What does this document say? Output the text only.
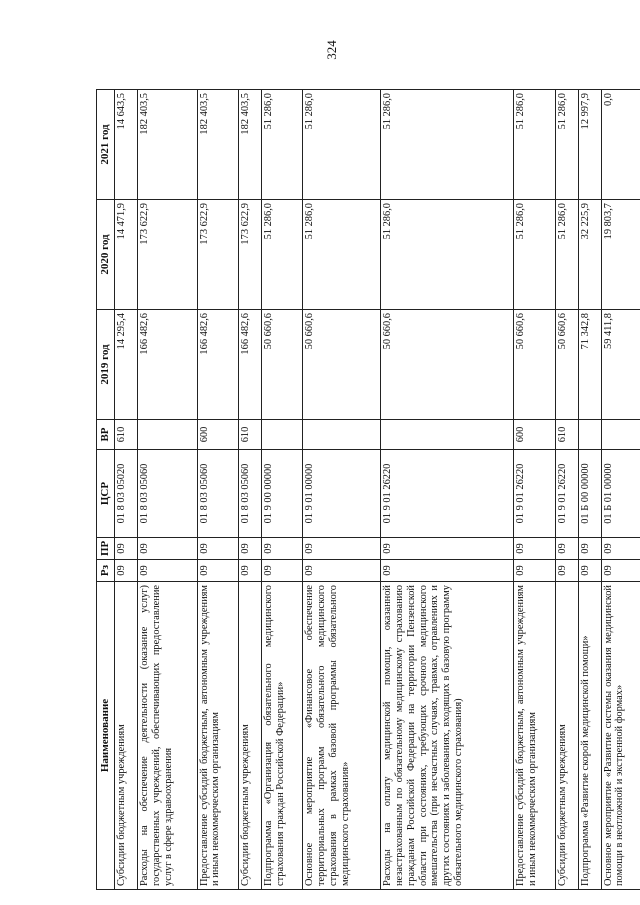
324
Наименование	Рз	ПР	ЦСР	ВР	2019 год	2020 год	2021 год
Субсидии бюджетным учреждениям	09	09	01 8 03 05020	610	14 295,4	14 471,9	14 643,5
Расходы на обеспечение деятельности (оказание услуг) государственных учреждений, обеспечивающих предоставление услуг в сфере здравоохранения	09	09	01 8 03 05060		166 482,6	173 622,9	182 403,5
Предоставление субсидий бюджетным, автономным учреждениям и иным некоммерческим организациям	09	09	01 8 03 05060	600	166 482,6	173 622,9	182 403,5
Субсидии бюджетным учреждениям	09	09	01 8 03 05060	610	166 482,6	173 622,9	182 403,5
Подпрограмма «Организация обязательного медицинского страхования граждан Российской Федерации»	09	09	01 9 00 00000		50 660,6	51 286,0	51 286,0
Основное мероприятие «Финансовое обеспечение территориальных программ обязательного медицинского страхования в рамках базовой программы обязательного медицинского страхования»	09	09	01 9 01 00000		50 660,6	51 286,0	51 286,0
Расходы на оплату медицинской помощи, оказанной незастрахованным по обязательному медицинскому страхованию гражданам Российской Федерации на территории Пензенской области при состояниях, требующих срочного медицинского вмешательства (при несчастных случаях, травмах, отравлениях и других состояниях и заболеваниях, входящих в базовую программу обязательного медицинского страхования)	09	09	01 9 01 26220		50 660,6	51 286,0	51 286,0
Предоставление субсидий бюджетным, автономным учреждениям и иным некоммерческим организациям	09	09	01 9 01 26220	600	50 660,6	51 286,0	51 286,0
Субсидии бюджетным учреждениям	09	09	01 9 01 26220	610	50 660,6	51 286,0	51 286,0
Подпрограмма «Развитие скорой медицинской помощи»	09	09	01 Б 00 00000		71 342,8	32 225,9	12 997,9
Основное мероприятие «Развитие системы оказания медицинской помощи в неотложной и экстренной формах»	09	09	01 Б 01 00000		59 411,8	19 803,7	0,0
